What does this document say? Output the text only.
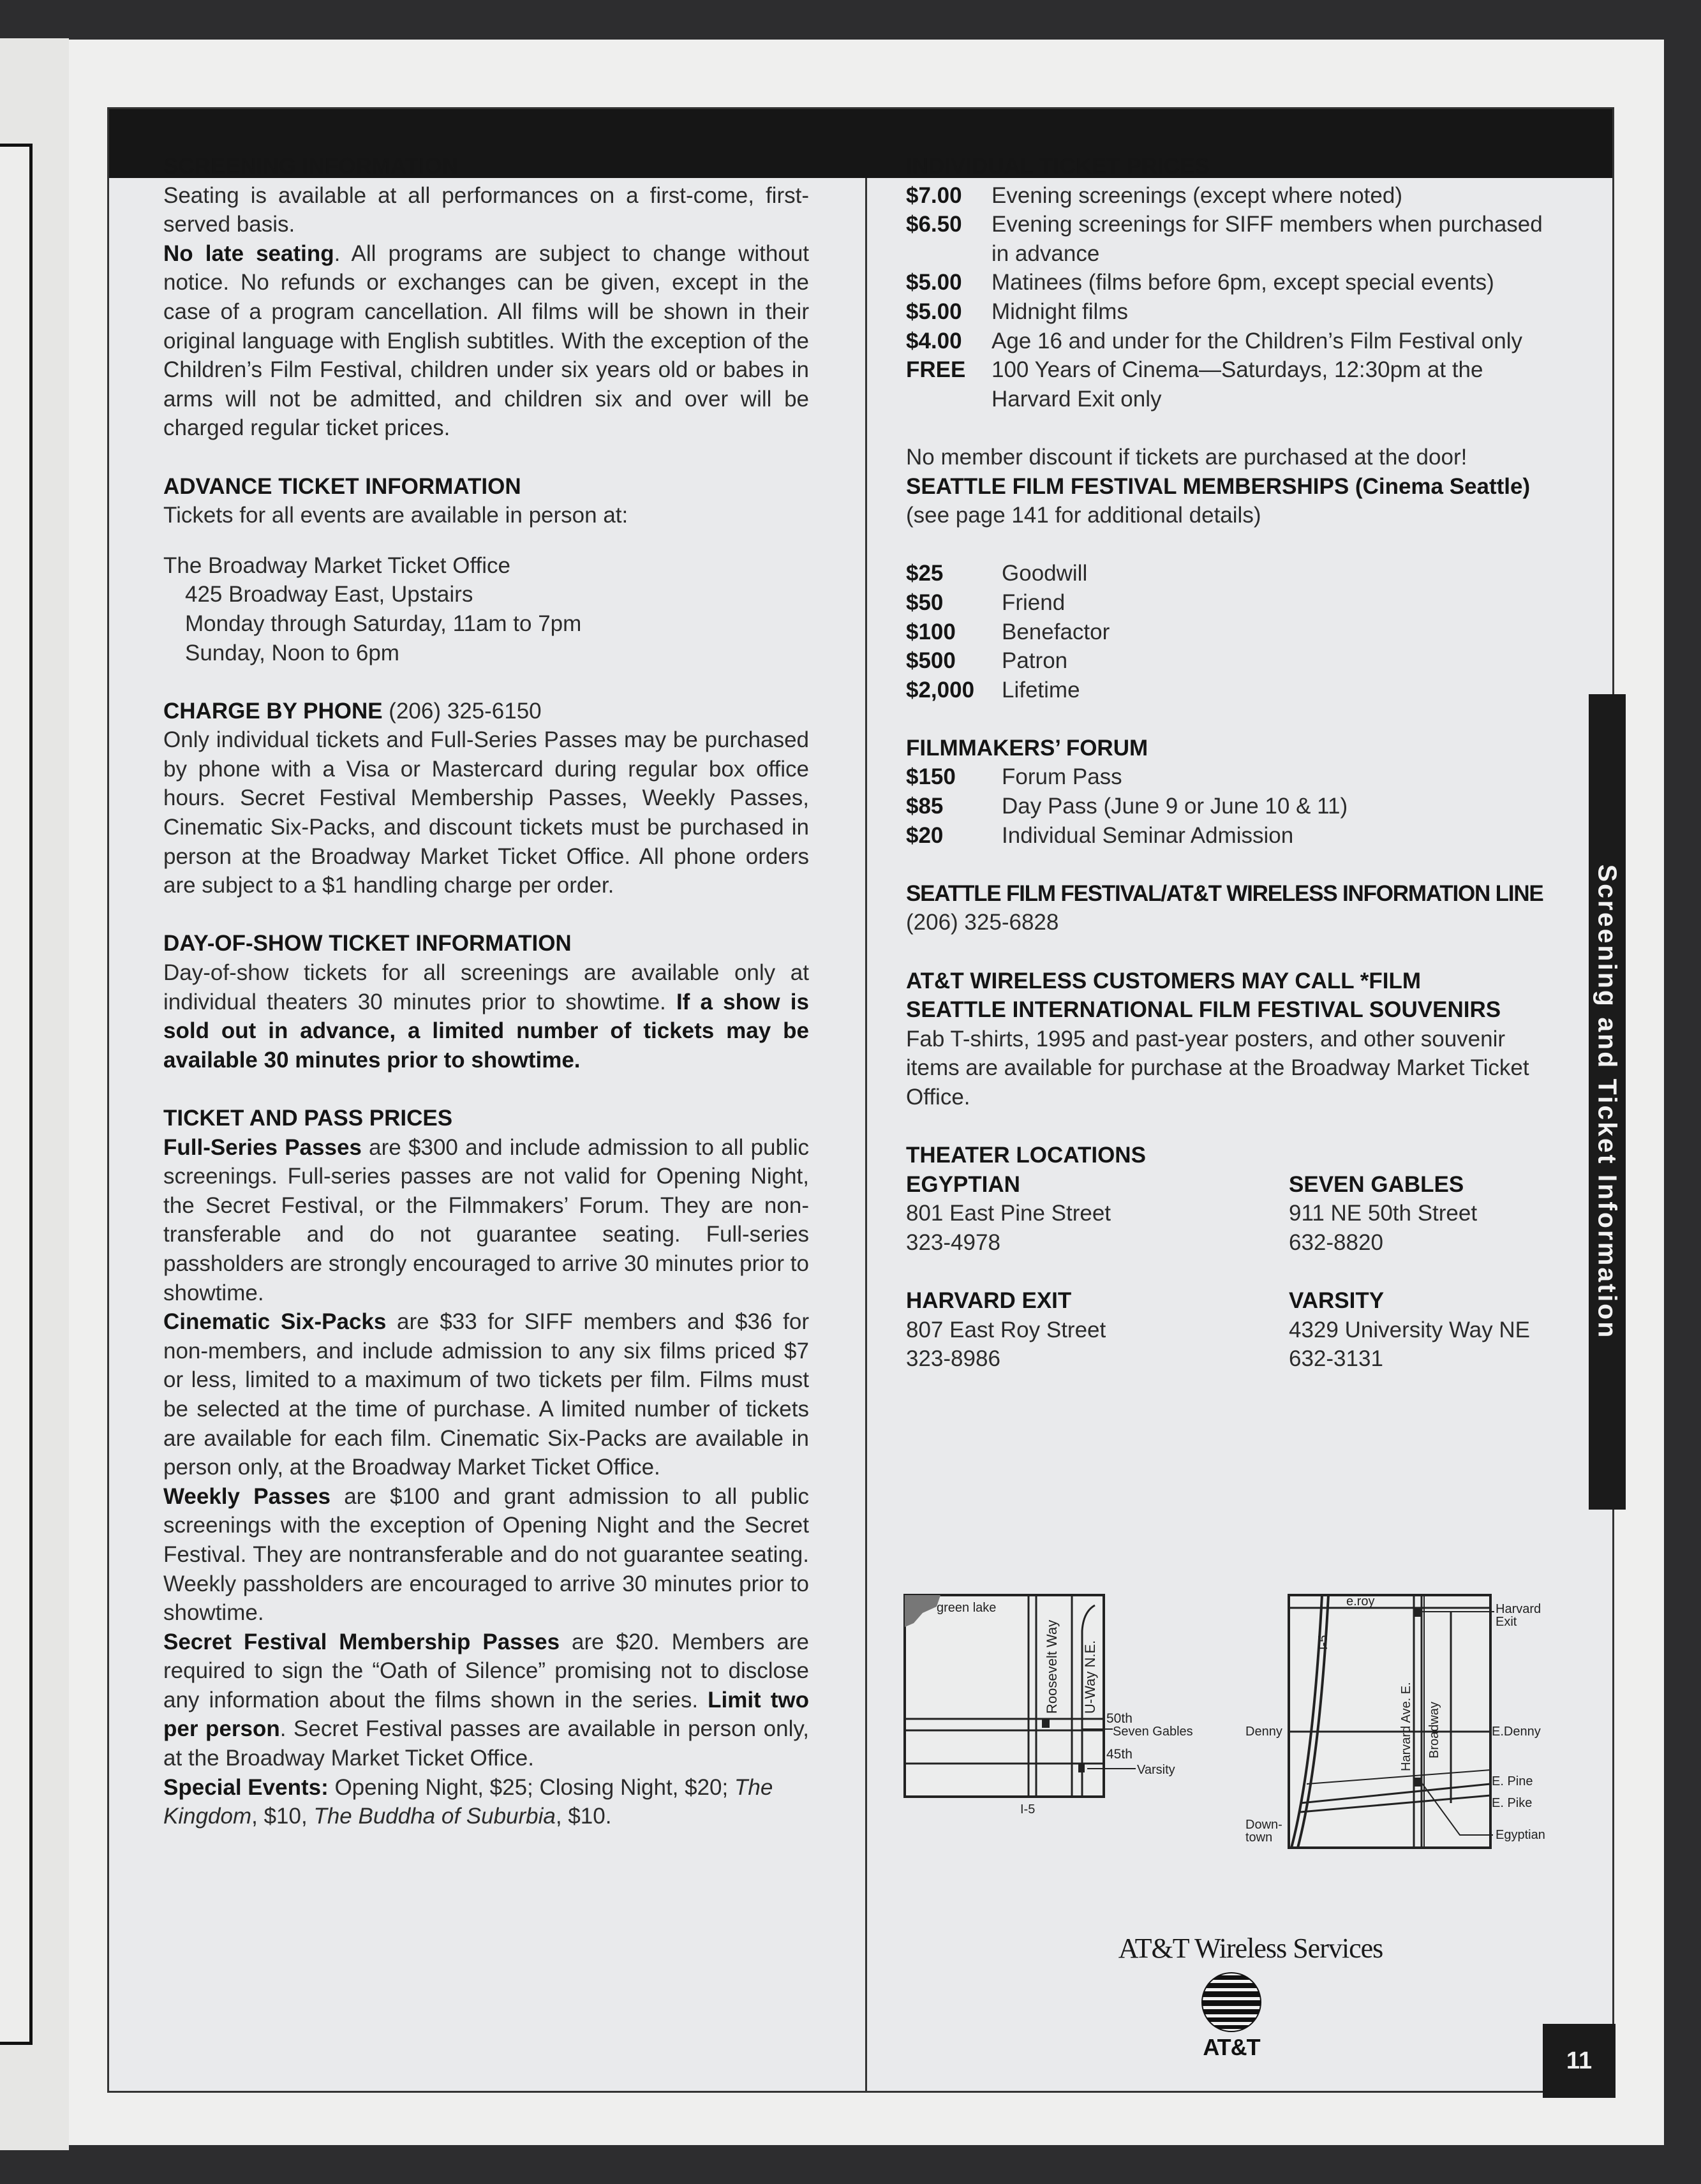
SCREENING INFORMATION

Seating is available at all performances on a first-come, first-served basis.

No late seating. All programs are subject to change without notice. No refunds or exchanges can be given, except in the case of a program cancellation. All films will be shown in their original language with English subtitles. With the exception of the Children’s Film Festival, children under six years old or babes in arms will not be admitted, and children six and over will be charged regular ticket prices.

ADVANCE TICKET INFORMATION

Tickets for all events are available in person at:

The Broadway Market Ticket Office

425 Broadway East, Upstairs

Monday through Saturday, 11am to 7pm

Sunday, Noon to 6pm

CHARGE BY PHONE (206) 325-6150

Only individual tickets and Full-Series Passes may be purchased by phone with a Visa or Mastercard during regular box office hours. Secret Festival Membership Passes, Weekly Passes, Cinematic Six-Packs, and discount tickets must be purchased in person at the Broadway Market Ticket Office. All phone orders are subject to a $1 handling charge per order.

DAY-OF-SHOW TICKET INFORMATION

Day-of-show tickets for all screenings are available only at individual theaters 30 minutes prior to showtime. If a show is sold out in advance, a limited number of tickets may be available 30 minutes prior to showtime.

TICKET AND PASS PRICES

Full-Series Passes are $300 and include admission to all public screenings. Full-series passes are not valid for Opening Night, the Secret Festival, or the Filmmakers’ Forum. They are non-transferable and do not guarantee seating. Full-series passholders are strongly encouraged to arrive 30 minutes prior to showtime.

Cinematic Six-Packs are $33 for SIFF members and $36 for non-members, and include admission to any six films priced $7 or less, limited to a maximum of two tickets per film. Films must be selected at the time of purchase. A limited number of tickets are available for each film. Cinematic Six-Packs are available in person only, at the Broadway Market Ticket Office.

Weekly Passes are $100 and grant admission to all public screenings with the exception of Opening Night and the Secret Festival. They are nontransferable and do not guarantee seating. Weekly passholders are encouraged to arrive 30 minutes prior to showtime.

Secret Festival Membership Passes are $20. Members are required to sign the “Oath of Silence” promising not to disclose any information about the films shown in the series. Limit two per person. Secret Festival passes are available in person only, at the Broadway Market Ticket Office.

Special Events: Opening Night, $25; Closing Night, $20; The Kingdom, $10, The Buddha of Suburbia, $10.

INDIVIDUAL TICKET PRICES

$7.00	Evening screenings (except where noted)
$6.50	Evening screenings for SIFF members when purchased in advance
$5.00	Matinees (films before 6pm, except special events)
$5.00	Midnight films
$4.00	Age 16 and under for the Children’s Film Festival only
FREE	100 Years of Cinema—Saturdays, 12:30pm at the Harvard Exit only

No member discount if tickets are purchased at the door!

SEATTLE FILM FESTIVAL MEMBERSHIPS (Cinema Seattle)

(see page 141 for additional details)

$25	Goodwill
$50	Friend
$100	Benefactor
$500	Patron
$2,000	Lifetime

FILMMAKERS’ FORUM

$150	Forum Pass
$85	Day Pass (June 9 or June 10 & 11)
$20	Individual Seminar Admission

SEATTLE FILM FESTIVAL/AT&T WIRELESS INFORMATION LINE

(206) 325-6828

AT&T WIRELESS CUSTOMERS MAY CALL *FILM

SEATTLE INTERNATIONAL FILM FESTIVAL SOUVENIRS

Fab T-shirts, 1995 and past-year posters, and other souvenir items are available for purchase at the Broadway Market Ticket Office.

THEATER LOCATIONS

EGYPTIAN

801 East Pine Street

323-4978

SEVEN GABLES

911 NE 50th Street

632-8820

HARVARD EXIT

807 East Roy Street

323-8986

VARSITY

4329 University Way NE

632-3131

green lake
Roosevelt Way U-Way N.E.
50th
Seven Gables
45th
Varsity
I-5
e.roy
I-5
Harvard Ave. E. Broadway
Harvard
Exit
E.Denny
Denny
E. Pine
E. Pike
Down-
town	Egyptian
Screening and Ticket Information
AT&T Wireless Services
AT&T
11
